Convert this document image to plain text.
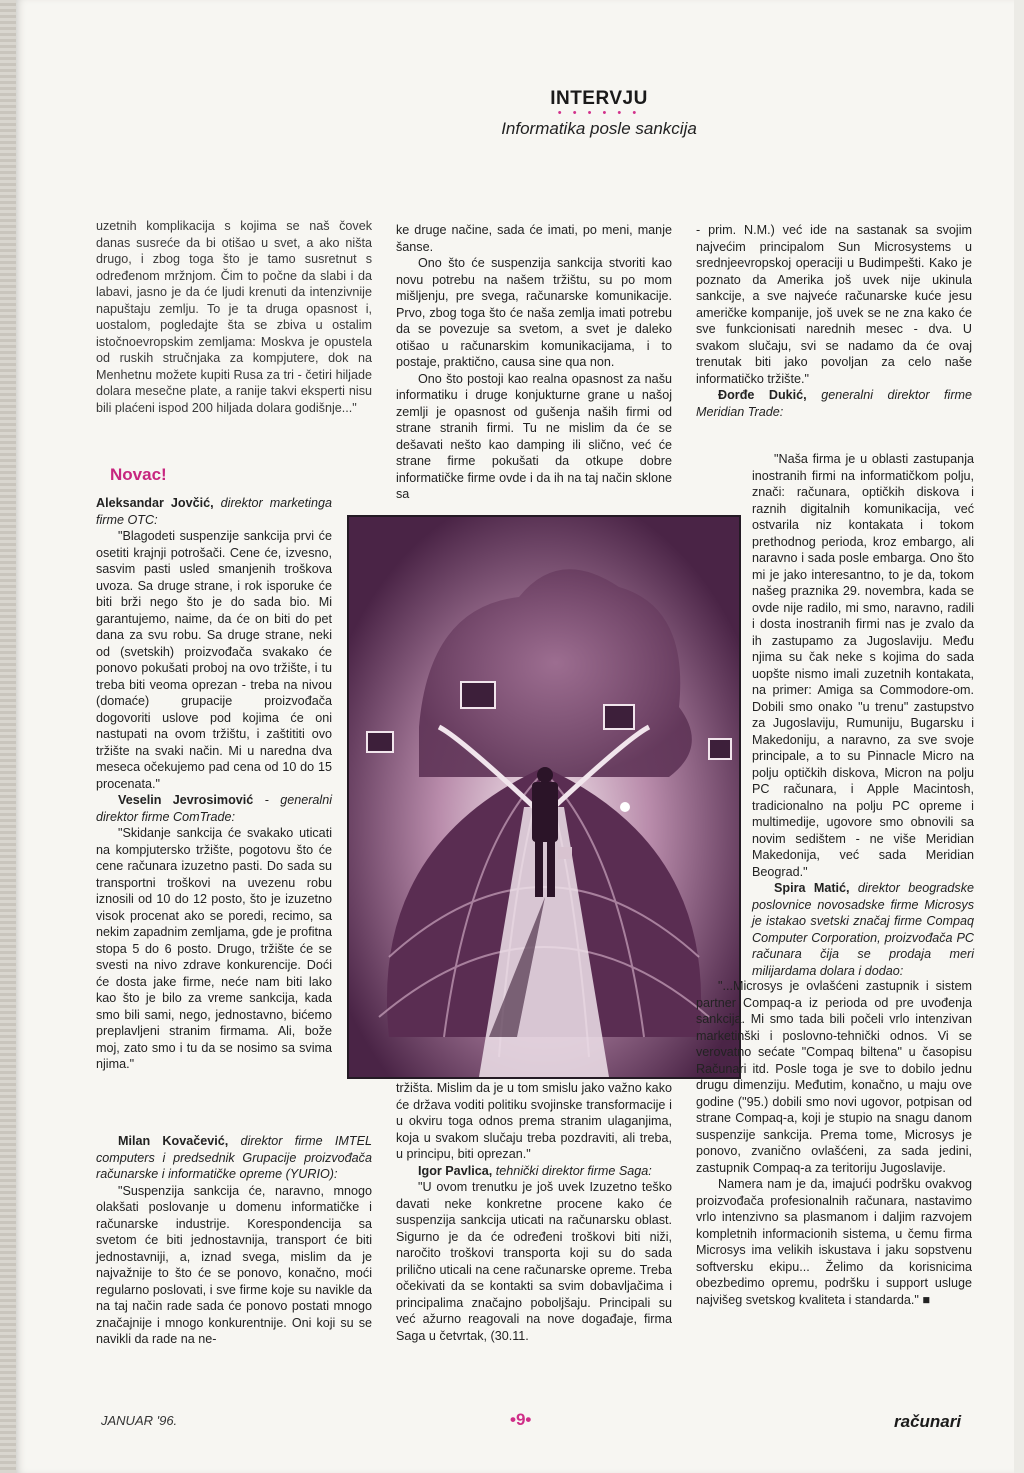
INTERVJU
• • • • • •
Informatika posle sankcija

uzetnih komplikacija s kojima se naš čovek danas susreće da bi otišao u svet, a ako ništa drugo, i zbog toga što je tamo susretnut s određenom mržnjom. Čim to počne da slabi i da labavi, jasno je da će ljudi krenuti da intenzivnije napuštaju zemlju. To je ta druga opasnost i, uostalom, pogledajte šta se zbiva u ostalim istočnoevropskim zemljama: Moskva je opustela od ruskih stručnjaka za kompjutere, dok na Menhetnu možete kupiti Rusa za tri - četiri hiljade dolara mesečne plate, a ranije takvi eksperti nisu bili plaćeni ispod 200 hiljada dolara godišnje..."

Novac!

Aleksandar Jovčić, direktor marketinga firme OTC:

"Blagodeti suspenzije sankcija prvi će osetiti krajnji potrošači. Cene će, izvesno, sasvim pasti usled smanjenih troškova uvoza. Sa druge strane, i rok isporuke će biti brži nego što je do sada bio. Mi garantujemo, naime, da će on biti do pet dana za svu robu. Sa druge strane, neki od (svetskih) proizvođača svakako će ponovo pokušati proboj na ovo tržište, i tu treba biti veoma oprezan - treba na nivou (domaće) grupacije proizvođača dogovoriti uslove pod kojima će oni nastupati na ovom tržištu, i zaštititi ovo tržište na svaki način. Mi u naredna dva meseca očekujemo pad cena od 10 do 15 procenata."

Veselin Jevrosimović - generalni direktor firme ComTrade:

"Skidanje sankcija će svakako uticati na kompjutersko tržište, pogotovu što će cene računara izuzetno pasti. Do sada su transportni troškovi na uvezenu robu iznosili od 10 do 12 posto, što je izuzetno visok procenat ako se poredi, recimo, sa nekim zapadnim zemljama, gde je profitna stopa 5 do 6 posto. Drugo, tržište će se svesti na nivo zdrave konkurencije. Doći će dosta jake firme, neće nam biti lako kao što je bilo za vreme sankcija, kada smo bili sami, nego, jednostavno, bićemo preplavljeni stranim firmama. Ali, bože moj, zato smo i tu da se nosimo sa svima njima."

Milan Kovačević, direktor firme IMTEL computers i predsednik Grupacije proizvođača računarske i informatičke opreme (YURIO):

"Suspenzija sankcija će, naravno, mnogo olakšati poslovanje u domenu informatičke i računarske industrije. Korespondencija sa svetom će biti jednostavnija, transport će biti jednostavniji, a, iznad svega, mislim da je najvažnije to što će se ponovo, konačno, moći regularno poslovati, i sve firme koje su navikle da na taj način rade sada će ponovo postati mnogo značajnije i mnogo konkurentnije. Oni koji su se navikli da rade na ne-

ke druge načine, sada će imati, po meni, manje šanse.

Ono što će suspenzija sankcija stvoriti kao novu potrebu na našem tržištu, su po mom mišljenju, pre svega, računarske komunikacije. Prvo, zbog toga što će naša zemlja imati potrebu da se povezuje sa svetom, a svet je daleko otišao u računarskim komunikacijama, i to postaje, praktično, causa sine qua non.

Ono što postoji kao realna opasnost za našu informatiku i druge konjukturne grane u našoj zemlji je opasnost od gušenja naših firmi od strane stranih firmi. Tu ne mislim da će se dešavati nešto kao damping ili slično, već će strane firme pokušati da otkupe dobre informatičke firme ovde i da ih na taj način sklone sa

tržišta. Mislim da je u tom smislu jako važno kako će država voditi politiku svojinske transformacije i u okviru toga odnos prema stranim ulaganjima, koja u svakom slučaju treba pozdraviti, ali treba, u principu, biti oprezan."

Igor Pavlica, tehnički direktor firme Saga:

"U ovom trenutku je još uvek Izuzetno teško davati neke konkretne procene kako će suspenzija sankcija uticati na računarsku oblast. Sigurno je da će određeni troškovi biti niži, naročito troškovi transporta koji su do sada prilično uticali na cene računarske opreme. Treba očekivati da se kontakti sa svim dobavljačima i principalima značajno poboljšaju. Principali su već ažurno reagovali na nove događaje, firma Saga u četvrtak, (30.11.

- prim. N.M.) već ide na sastanak sa svojim najvećim principalom Sun Microsystems u srednjeevropskoj operaciji u Budimpešti. Kako je poznato da Amerika još uvek nije ukinula sankcije, a sve najveće računarske kuće jesu američke kompanije, još uvek se ne zna kako će sve funkcionisati narednih mesec - dva. U svakom slučaju, svi se nadamo da će ovaj trenutak biti jako povoljan za celo naše informatičko tržište."

Đorđe Dukić, generalni direktor firme Meridian Trade:

"Naša firma je u oblasti zastupanja inostranih firmi na informatičkom polju, znači: računara, optičkih diskova i raznih digitalnih komunikacija, već ostvarila niz kontakata i tokom prethodnog perioda, kroz embargo, ali naravno i sada posle embarga. Ono što mi je jako interesantno, to je da, tokom našeg praznika 29. novembra, kada se ovde nije radilo, mi smo, naravno, radili i dosta inostranih firmi nas je zvalo da ih zastupamo za Jugoslaviju. Među njima su čak neke s kojima do sada uopšte nismo imali zuzetnih kontakata, na primer: Amiga sa Commodore-om. Dobili smo onako "u trenu" zastupstvo za Jugoslaviju, Rumuniju, Bugarsku i Makedoniju, a naravno, za sve svoje principale, a to su Pinnacle Micro na polju optičkih diskova, Micron na polju PC računara, i Apple Macintosh, tradicionalno na polju PC opreme i multimedije, ugovore smo obnovili sa novim sedištem - ne više Meridian Makedonija, već sada Meridian Beograd."

Spira Matić, direktor beogradske poslovnice novosadske firme Microsys je istakao svetski značaj firme Compaq Computer Corporation, proizvođača PC računara čija se prodaja meri milijardama dolara i dodao:

"...Microsys je ovlašćeni zastupnik i sistem partner Compaq-a iz perioda od pre uvođenja sankcija. Mi smo tada bili počeli vrlo intenzivan marketinški i poslovno-tehnički odnos. Vi se verovatno sećate "Compaq biltena" u časopisu Računari itd. Posle toga je sve to dobilo jednu drugu dimenziju. Međutim, konačno, u maju ove godine ("95.) dobili smo novi ugovor, potpisan od strane Compaq-a, koji je stupio na snagu danom suspenzije sankcija. Prema tome, Microsys je ponovo, zvanično ovlašćeni, za sada jedini, zastupnik Compaq-a za teritoriju Jugoslavije.

Namera nam je da, imajući podršku ovakvog proizvođača profesionalnih računara, nastavimo vrlo intenzivno sa plasmanom i daljim razvojem kompletnih informacionih sistema, u čemu firma Microsys ima velikih iskustava i jaku sopstvenu softversku ekipu... Želimo da korisnicima obezbedimo opremu, podršku i support usluge najvišeg svetskog kvaliteta i standarda." ■

JANUAR '96.	•9•	računari
